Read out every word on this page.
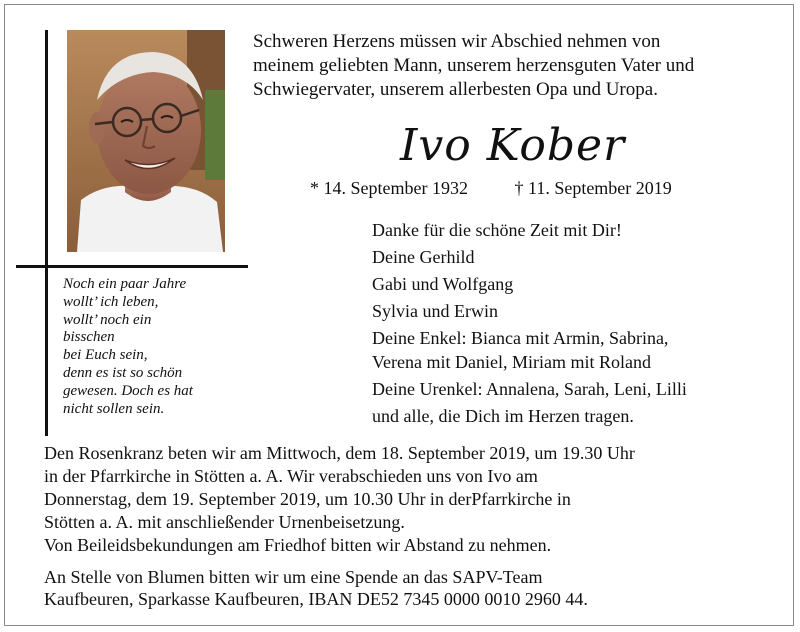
Schweren Herzens müssen wir Abschied nehmen von
meinem geliebten Mann, unserem herzensguten Vater und
Schwiegervater, unserem allerbesten Opa und Uropa.
Ivo Kober
* 14. September 1932	† 11. September 2019
Noch ein paar Jahre
wollt’ ich leben,
wollt’ noch ein
bisschen
bei Euch sein,
denn es ist so schön
gewesen. Doch es hat
nicht sollen sein.
Danke für die schöne Zeit mit Dir!
Deine Gerhild
Gabi und Wolfgang
Sylvia und Erwin
Deine Enkel: Bianca mit Armin, Sabrina,
Verena mit Daniel, Miriam mit Roland
Deine Urenkel: Annalena, Sarah, Leni, Lilli
und alle, die Dich im Herzen tragen.
Den Rosenkranz beten wir am Mittwoch, dem 18. September 2019, um 19.30 Uhr
in der Pfarrkirche in Stötten a. A. Wir verabschieden uns von Ivo am
Donnerstag, dem 19. September 2019, um 10.30 Uhr in derPfarrkirche in
Stötten a. A. mit anschließender Urnenbeisetzung.
Von Beileidsbekundungen am Friedhof bitten wir Abstand zu nehmen.
An Stelle von Blumen bitten wir um eine Spende an das SAPV-Team
Kaufbeuren, Sparkasse Kaufbeuren, IBAN DE52 7345 0000 0010 2960 44.
